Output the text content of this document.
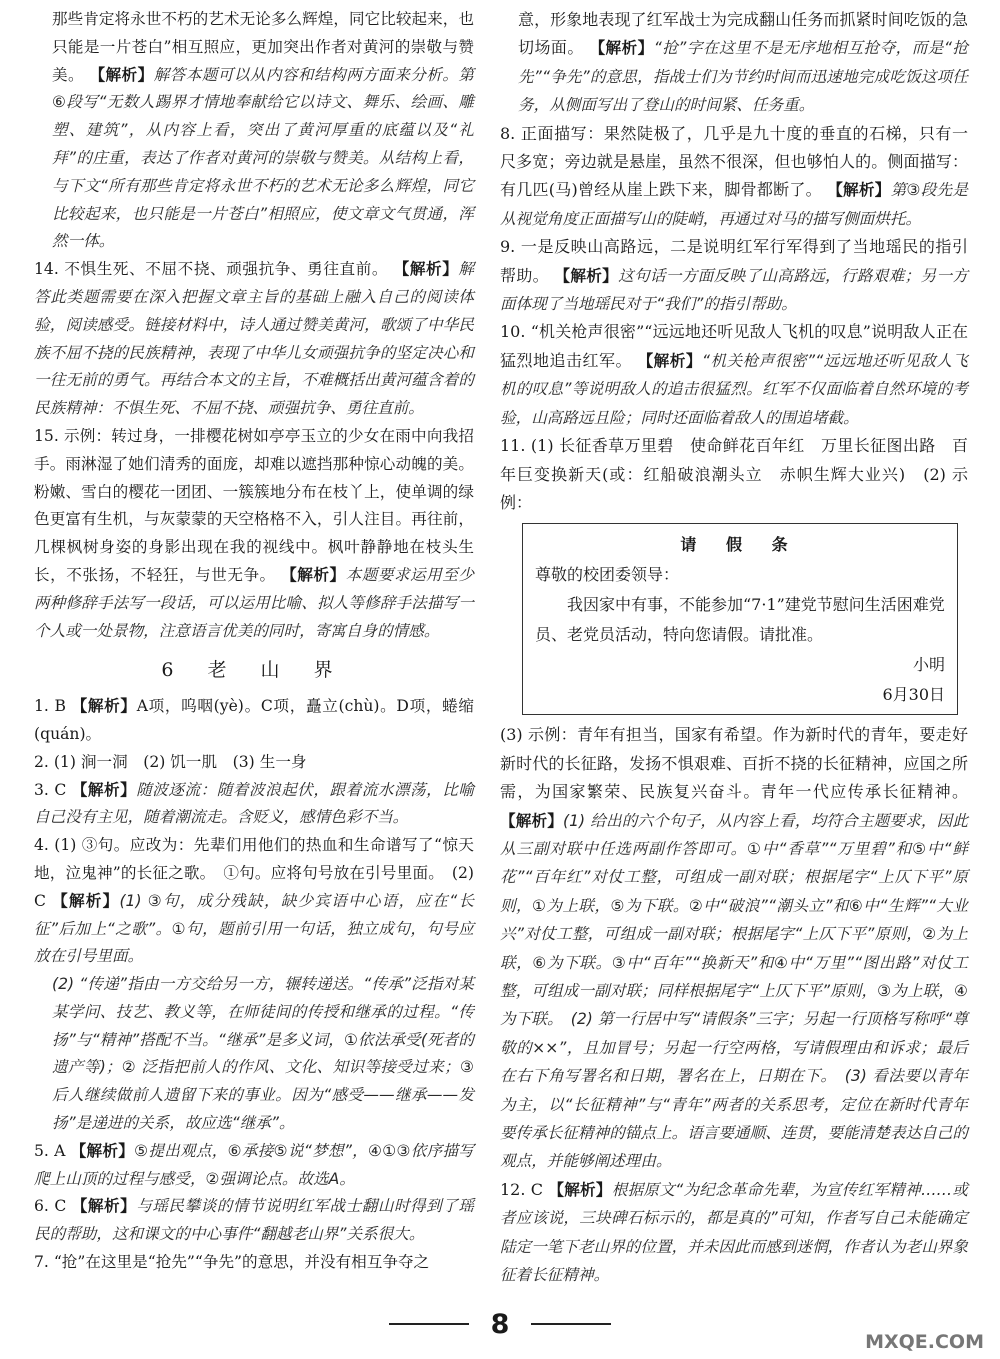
那些肯定将永世不朽的艺术无论多么辉煌，同它比较起来，也只能是一片苍白”相互照应，更加突出作者对黄河的崇敬与赞美。 【解析】解答本题可以从内容和结构两方面来分析。第⑥段写“无数人踢界才情地奉献给它以诗文、舞乐、绘画、雕塑、建筑”，从内容上看，突出了黄河厚重的底蕴以及“礼拜”的庄重，表达了作者对黄河的崇敬与赞美。从结构上看，与下文“所有那些肯定将永世不朽的艺术无论多么辉煌，同它比较起来，也只能是一片苍白”相照应，使文章文气贯通，浑然一体。

14. 不惧生死、不屈不挠、顽强抗争、勇往直前。 【解析】解答此类题需要在深入把握文章主旨的基础上融入自己的阅读体验，阅读感受。链接材料中，诗人通过赞美黄河，歌颂了中华民族不屈不挠的民族精神，表现了中华儿女顽强抗争的坚定决心和一往无前的勇气。再结合本文的主旨，不难概括出黄河蕴含着的民族精神：不惧生死、不屈不挠、顽强抗争、勇往直前。

15. 示例：转过身，一排樱花树如亭亭玉立的少女在雨中向我招手。雨淋湿了她们清秀的面庞，却难以遮挡那种惊心动魄的美。粉嫩、雪白的樱花一团团、一簇簇地分布在枝丫上，使单调的绿色更富有生机，与灰蒙蒙的天空格格不入，引人注目。再往前，几棵枫树身姿的身影出现在我的视线中。枫叶静静地在枝头生长，不张扬，不轻狂，与世无争。 【解析】本题要求运用至少两种修辞手法写一段话，可以运用比喻、拟人等修辞手法描写一个人或一处景物，注意语言优美的同时，寄寓自身的情感。

6 老 山 界

1. B 【解析】A项，呜咽(yè)。C项，矗立(chù)。D项，蜷缩(quán)。

2. (1) 涧一洞　(2) 饥一肌　(3) 生一身

3. C 【解析】随波逐流：随着波浪起伏，跟着流水漂荡，比喻自己没有主见，随着潮流走。含贬义，感情色彩不当。

4. (1) ③句。应改为：先辈们用他们的热血和生命谱写了“惊天地，泣鬼神”的长征之歌。　①句。应将句号放在引号里面。　(2) C 【解析】(1) ③句，成分残缺，缺少宾语中心语，应在“长征”后加上“之歌”。①句，题前引用一句话，独立成句，句号应放在引号里面。

(2) “传递”指由一方交给另一方，辗转递送。“传承”泛指对某某学问、技艺、教义等，在师徒间的传授和继承的过程。“传扬”与“精神”搭配不当。“继承”是多义词，①依法承受(死者的遗产等)；② 泛指把前人的作风、文化、知识等接受过来；③ 后人继续做前人遗留下来的事业。因为“感受——继承——发扬”是递进的关系，故应选“继承”。

5. A 【解析】⑤提出观点，⑥承接⑤说“梦想”，④①③依序描写爬上山顶的过程与感受，②强调论点。故选A。

6. C 【解析】与瑶民攀谈的情节说明红军战士翻山时得到了瑶民的帮助，这和课文的中心事件“翻越老山界”关系很大。

7. “抢”在这里是“抢先”“争先”的意思，并没有相互争夺之

意，形象地表现了红军战士为完成翻山任务而抓紧时间吃饭的急切场面。 【解析】“抢”字在这里不是无序地相互抢夺，而是“抢先”“争先”的意思，指战士们为节约时间而迅速地完成吃饭这项任务，从侧面写出了登山的时间紧、任务重。

8. 正面描写：果然陡极了，几乎是九十度的垂直的石梯，只有一尺多宽；旁边就是悬崖，虽然不很深，但也够怕人的。侧面描写：有几匹(马)曾经从崖上跌下来，脚骨都断了。 【解析】第③段先是从视觉角度正面描写山的陡峭，再通过对马的描写侧面烘托。

9. 一是反映山高路远，二是说明红军行军得到了当地瑶民的指引帮助。 【解析】这句话一方面反映了山高路远，行路艰难；另一方面体现了当地瑶民对于“我们”的指引帮助。

10. “机关枪声很密”“远远地还听见敌人飞机的叹息”说明敌人正在猛烈地追击红军。 【解析】“机关枪声很密”“远远地还听见敌人飞机的叹息”等说明敌人的追击很猛烈。红军不仅面临着自然环境的考验，山高路远且险；同时还面临着敌人的围追堵截。

11. (1) 长征香草万里碧　使命鲜花百年红　万里长征图出路　百年巨变换新天(或：红船破浪潮头立　赤帜生辉大业兴)　(2) 示例：

请 假 条
尊敬的校团委领导：
我因家中有事，不能参加“7·1”建党节慰问生活困难党员、老党员活动，特向您请假。请批准。
小明
6月30日

(3) 示例：青年有担当，国家有希望。作为新时代的青年，要走好新时代的长征路，发扬不惧艰难、百折不挠的长征精神，应国之所需，为国家繁荣、民族复兴奋斗。青年一代应传承长征精神。 【解析】(1) 给出的六个句子，从内容上看，均符合主题要求，因此从三副对联中任选两副作答即可。①中“香草”“万里碧”和⑤中“鲜花”“百年红”对仗工整，可组成一副对联；根据尾字“上仄下平”原则，①为上联，⑤为下联。②中“破浪”“潮头立”和⑥中“生辉”“大业兴”对仗工整，可组成一副对联；根据尾字“上仄下平”原则，②为上联，⑥为下联。③中“百年”“换新天”和④中“万里”“图出路”对仗工整，可组成一副对联；同样根据尾字“上仄下平”原则，③为上联，④为下联。　(2) 第一行居中写“请假条”三字；另起一行顶格写称呼“尊敬的××”，且加冒号；另起一行空两格，写请假理由和诉求；最后在右下角写署名和日期，署名在上，日期在下。　(3) 看法要以青年为主，以“长征精神”与“青年”两者的关系思考，定位在新时代青年要传承长征精神的锚点上。语言要通顺、连贯，要能清楚表达自己的观点，并能够阐述理由。

12. C 【解析】根据原文“为纪念革命先辈，为宣传红军精神……或者应该说，三块碑石标示的，都是真的”可知，作者写自己未能确定陆定一笔下老山界的位置，并未因此而感到迷惘，作者认为老山界象征着长征精神。

8
MXQE.COM
